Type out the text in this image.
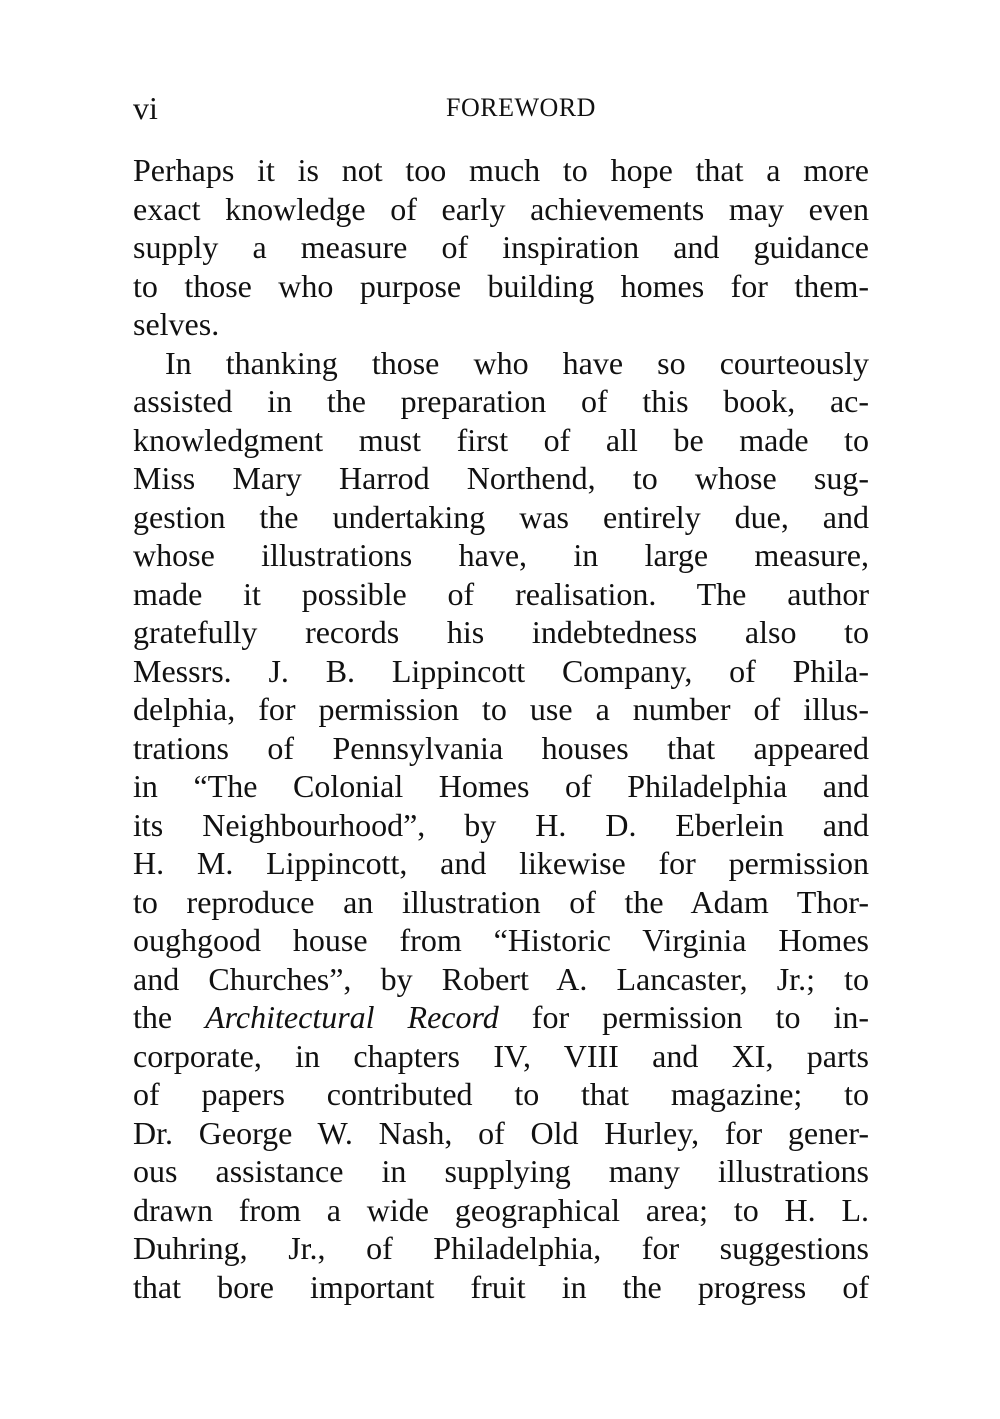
vi	FOREWORD
Perhaps it is not too much to hope that a more
exact knowledge of early achievements may even
supply a measure of inspiration and guidance
to those who purpose building homes for them-
selves.
In thanking those who have so courteously
assisted in the preparation of this book, ac-
knowledgment must first of all be made to
Miss Mary Harrod Northend, to whose sug-
gestion the undertaking was entirely due, and
whose illustrations have, in large measure,
made it possible of realisation. The author
gratefully records his indebtedness also to
Messrs. J. B. Lippincott Company, of Phila-
delphia, for permission to use a number of illus-
trations of Pennsylvania houses that appeared
in “The Colonial Homes of Philadelphia and
its Neighbourhood”, by H. D. Eberlein and
H. M. Lippincott, and likewise for permission
to reproduce an illustration of the Adam Thor-
oughgood house from “Historic Virginia Homes
and Churches”, by Robert A. Lancaster, Jr.; to
the Architectural Record for permission to in-
corporate, in chapters IV, VIII and XI, parts
of papers contributed to that magazine; to
Dr. George W. Nash, of Old Hurley, for gener-
ous assistance in supplying many illustrations
drawn from a wide geographical area; to H. L.
Duhring, Jr., of Philadelphia, for suggestions
that bore important fruit in the progress of
